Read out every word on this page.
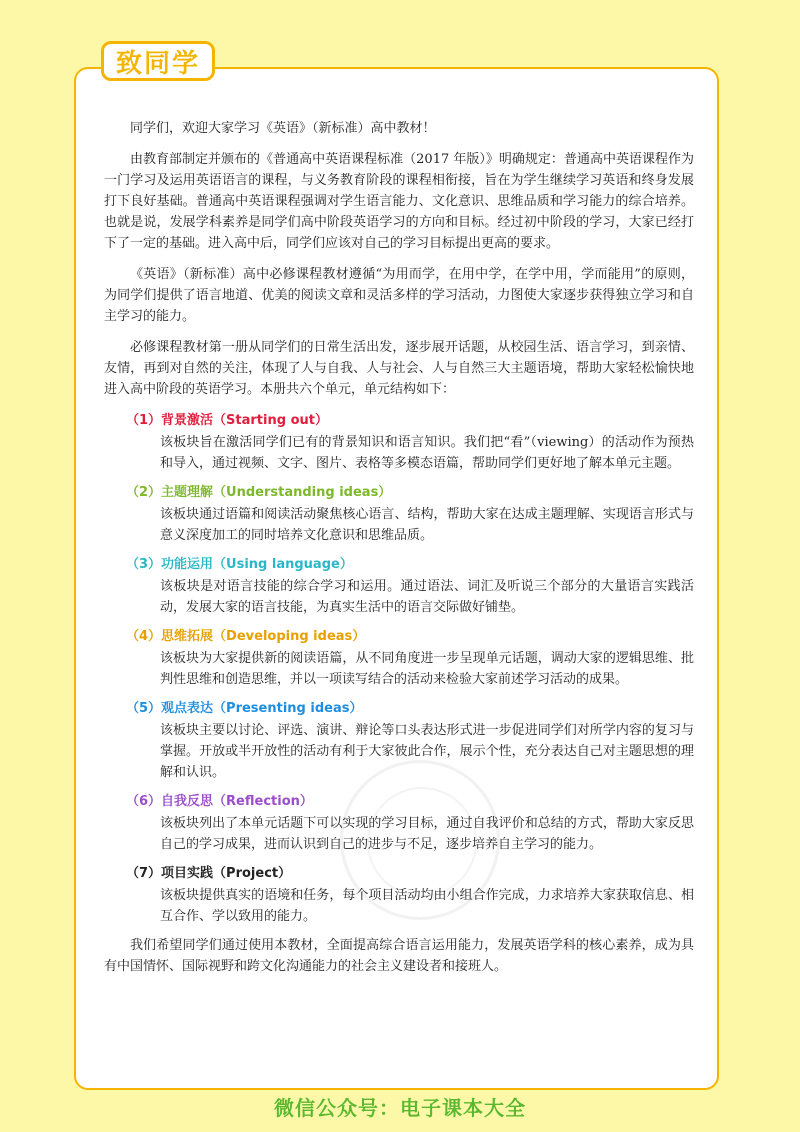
致同学

同学们，欢迎大家学习《英语》（新标准）高中教材！

由教育部制定并颁布的《普通高中英语课程标准（2017 年版）》明确规定：普通高中英语课程作为一门学习及运用英语语言的课程，与义务教育阶段的课程相衔接，旨在为学生继续学习英语和终身发展打下良好基础。普通高中英语课程强调对学生语言能力、文化意识、思维品质和学习能力的综合培养。也就是说，发展学科素养是同学们高中阶段英语学习的方向和目标。经过初中阶段的学习，大家已经打下了一定的基础。进入高中后，同学们应该对自己的学习目标提出更高的要求。

《英语》（新标准）高中必修课程教材遵循“为用而学，在用中学，在学中用，学而能用”的原则，为同学们提供了语言地道、优美的阅读文章和灵活多样的学习活动，力图使大家逐步获得独立学习和自主学习的能力。

必修课程教材第一册从同学们的日常生活出发，逐步展开话题，从校园生活、语言学习，到亲情、友情，再到对自然的关注，体现了人与自我、人与社会、人与自然三大主题语境，帮助大家轻松愉快地进入高中阶段的英语学习。本册共六个单元，单元结构如下：

（1）背景激活（Starting out）
该板块旨在激活同学们已有的背景知识和语言知识。我们把“看”（viewing）的活动作为预热和导入，通过视频、文字、图片、表格等多模态语篇，帮助同学们更好地了解本单元主题。
（2）主题理解（Understanding ideas）
该板块通过语篇和阅读活动聚焦核心语言、结构，帮助大家在达成主题理解、实现语言形式与意义深度加工的同时培养文化意识和思维品质。
（3）功能运用（Using language）
该板块是对语言技能的综合学习和运用。通过语法、词汇及听说三个部分的大量语言实践活动，发展大家的语言技能，为真实生活中的语言交际做好铺垫。
（4）思维拓展（Developing ideas）
该板块为大家提供新的阅读语篇，从不同角度进一步呈现单元话题，调动大家的逻辑思维、批判性思维和创造思维，并以一项读写结合的活动来检验大家前述学习活动的成果。
（5）观点表达（Presenting ideas）
该板块主要以讨论、评选、演讲、辩论等口头表达形式进一步促进同学们对所学内容的复习与掌握。开放或半开放性的活动有利于大家彼此合作，展示个性，充分表达自己对主题思想的理解和认识。
（6）自我反思（Reflection）
该板块列出了本单元话题下可以实现的学习目标，通过自我评价和总结的方式，帮助大家反思自己的学习成果，进而认识到自己的进步与不足，逐步培养自主学习的能力。
（7）项目实践（Project）
该板块提供真实的语境和任务，每个项目活动均由小组合作完成，力求培养大家获取信息、相互合作、学以致用的能力。

我们希望同学们通过使用本教材，全面提高综合语言运用能力，发展英语学科的核心素养，成为具有中国情怀、国际视野和跨文化沟通能力的社会主义建设者和接班人。

微信公众号：电子课本大全
